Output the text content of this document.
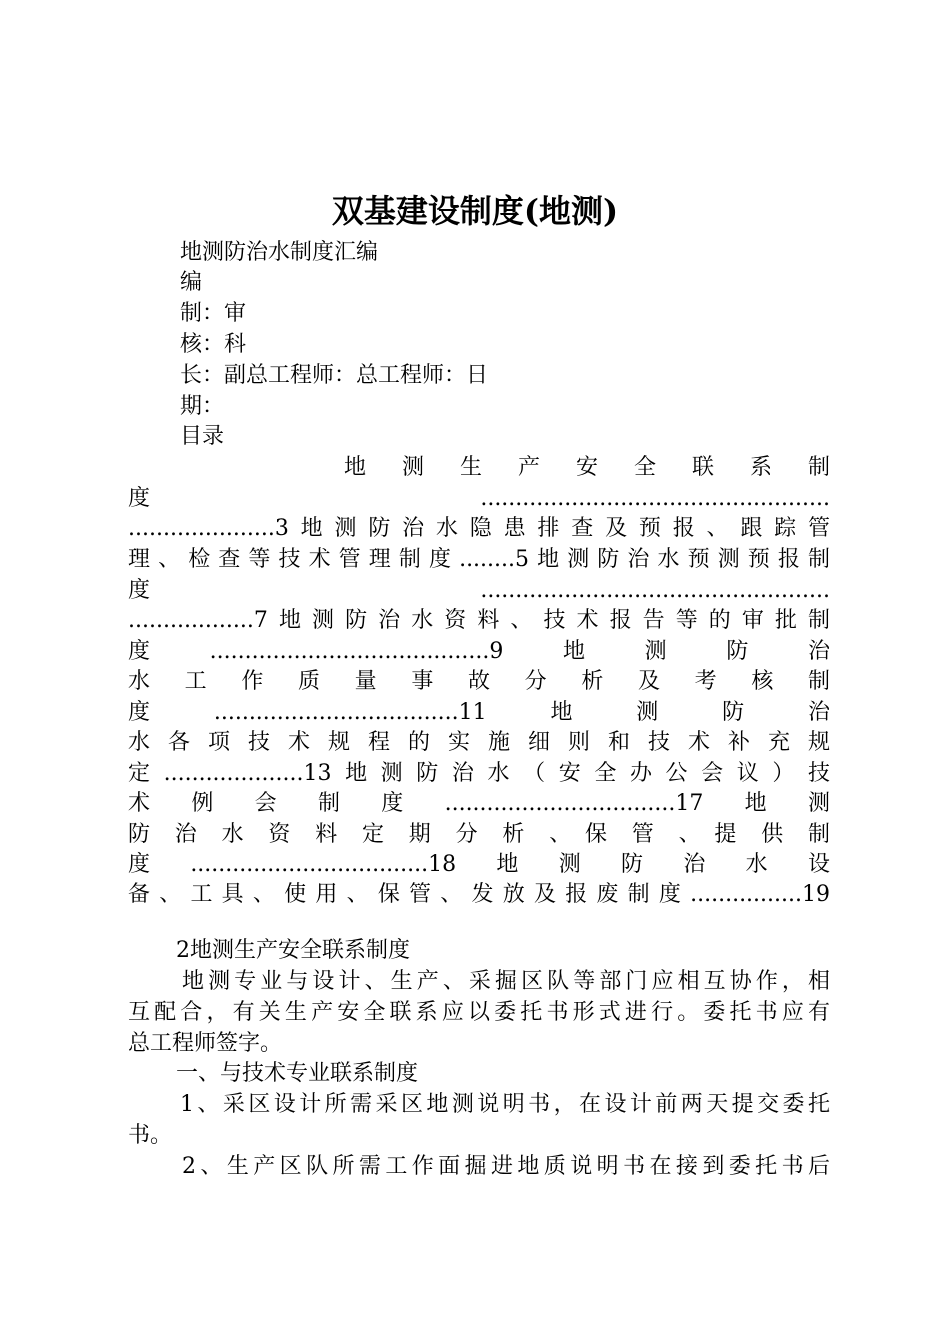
双基建设制度(地测)
地测防治水制度汇编
编
制：审
核：科
长：副总工程师：总工程师：日
期：
目录
地　测　生　产　安　全　联　系　制
度..................................................
.....................3地测防治水隐患排查及预报、跟踪管
理、检查等技术管理制度........5地测防治水预测预报制
度..................................................
..................7地测防治水资料、技术报告等的审批制
度........................................9地测防治
水　工　作　质　量　事　故　分　析　及　考　核　制
度...................................11地测防治
水各项技术规程的实施细则和技术补充规
定....................13地测防治水（安全办公会议）技
术例会制度.................................17地测
防　治　水　资　料　定　期　分　析　、　保　管　、　提　供　制
度..................................18地测防治水设
备、工具、使用、保管、发放及报废制度................19
2地测生产安全联系制度
地测专业与设计、生产、采掘区队等部门应相互协作，相
互配合，有关生产安全联系应以委托书形式进行。委托书应有
总工程师签字。
一、与技术专业联系制度
1、采区设计所需采区地测说明书，在设计前两天提交委托
书。
2、生产区队所需工作面掘进地质说明书在接到委托书后
